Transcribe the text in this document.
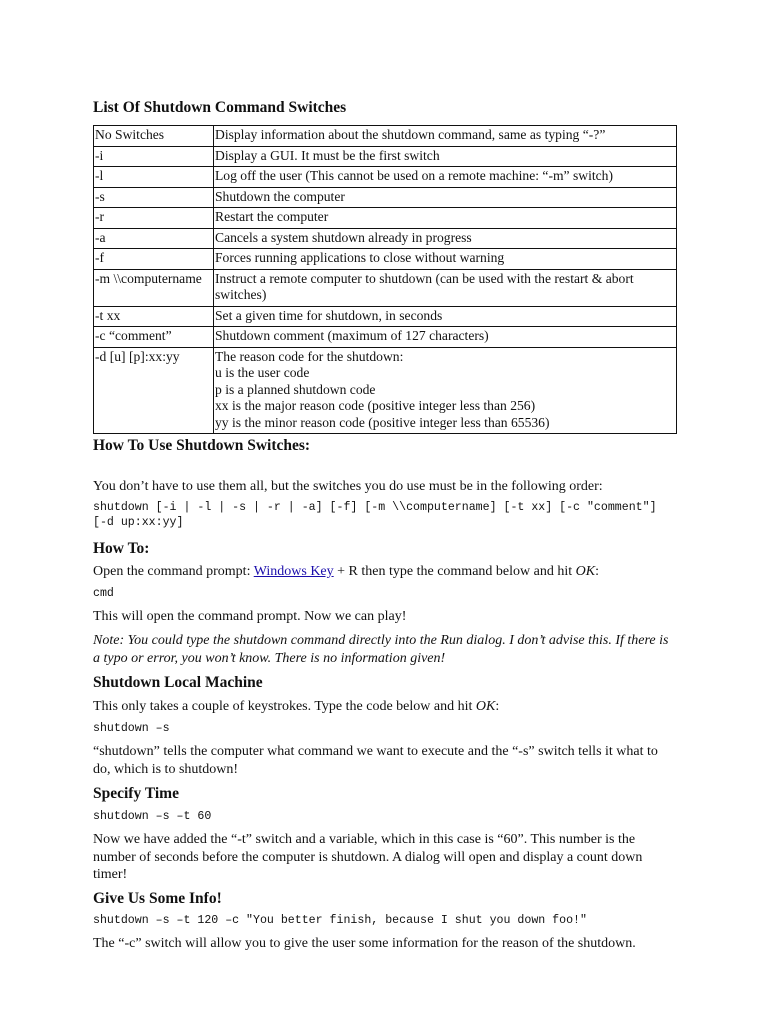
List Of Shutdown Command Switches
No Switches	Display information about the shutdown command, same as typing “-?”

-i	Display a GUI. It must be the first switch

-l	Log off the user (This cannot be used on a remote machine: “-m” switch)

-s	Shutdown the computer

-r	Restart the computer

-a	Cancels a system shutdown already in progress

-f	Forces running applications to close without warning

-m \\computername	Instruct a remote computer to shutdown (can be used with the restart & abort switches)

-t xx	Set a given time for shutdown, in seconds

-c “comment”	Shutdown comment (maximum of 127 characters)

-d [u] [p]:xx:yy	The reason code for the shutdown:
u is the user code
p is a planned shutdown code
xx is the major reason code (positive integer less than 256)
yy is the minor reason code (positive integer less than 65536)
How To Use Shutdown Switches:
You don’t have to use them all, but the switches you do use must be in the following order:
shutdown [-i | -l | -s | -r | -a] [-f] [-m \\computername] [-t xx] [-c "comment"] [-d up:xx:yy]
How To:
Open the command prompt: Windows Key + R then type the command below and hit OK:
cmd
This will open the command prompt. Now we can play!
Note: You could type the shutdown command directly into the Run dialog. I don’t advise this. If there is a typo or error, you won’t know. There is no information given!
Shutdown Local Machine
This only takes a couple of keystrokes. Type the code below and hit OK:
shutdown –s
“shutdown” tells the computer what command we want to execute and the “-s” switch tells it what to do, which is to shutdown!
Specify Time
shutdown –s –t 60
Now we have added the “-t” switch and a variable, which in this case is “60”. This number is the number of seconds before the computer is shutdown. A dialog will open and display a count down timer!
Give Us Some Info!
shutdown –s –t 120 –c "You better finish, because I shut you down foo!"
The “-c” switch will allow you to give the user some information for the reason of the shutdown.
